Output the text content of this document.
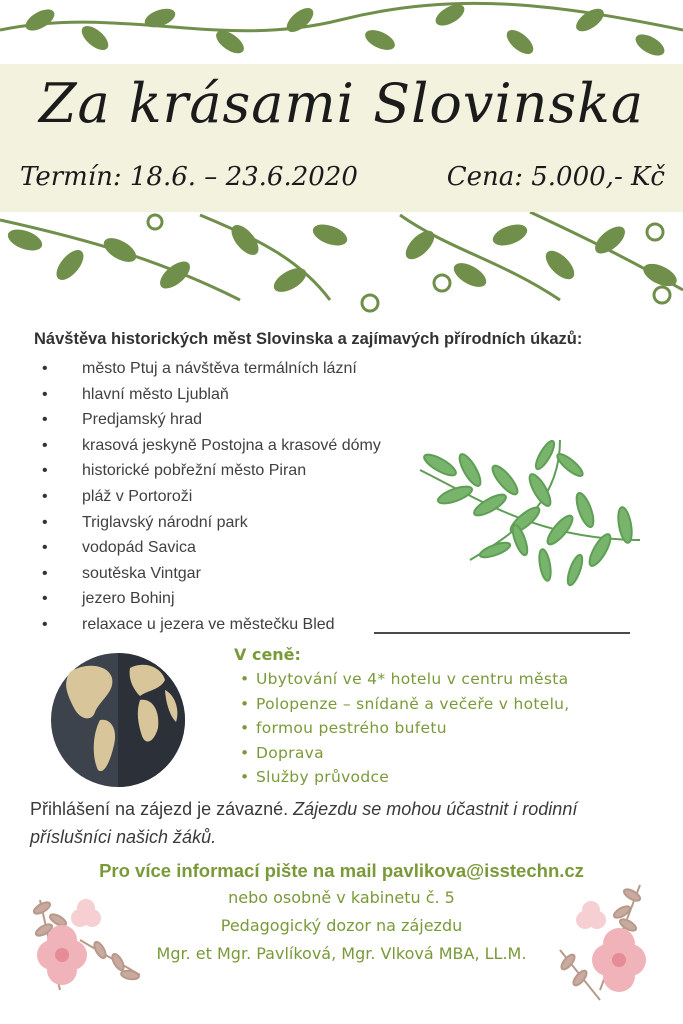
Za krásami Slovinska
Termín: 18.6. – 23.6.2020	Cena: 5.000,- Kč
Návštěva historických měst Slovinska a zajímavých přírodních úkazů:
• město Ptuj a návštěva termálních lázní
• hlavní město Ljublaň
• Predjamský hrad
• krasová jeskyně Postojna a krasové dómy
• historické pobřežní město Piran
• pláž v Portoroži
• Triglavský národní park
• vodopád Savica
• soutěska Vintgar
• jezero Bohinj
• relaxace u jezera ve městečku Bled
V ceně:
• Ubytování ve 4* hotelu v centru města
• Polopenze – snídaně a večeře v hotelu,
• formou pestrého bufetu
• Doprava
• Služby průvodce
Přihlášení na zájezd je závazné. Zájezdu se mohou účastnit i rodinní příslušníci našich žáků.
Pro více informací pište na mail pavlikova@isstechn.cz
nebo osobně v kabinetu č. 5
Pedagogický dozor na zájezdu
Mgr. et Mgr. Pavlíková, Mgr. Vlková MBA, LL.M.
